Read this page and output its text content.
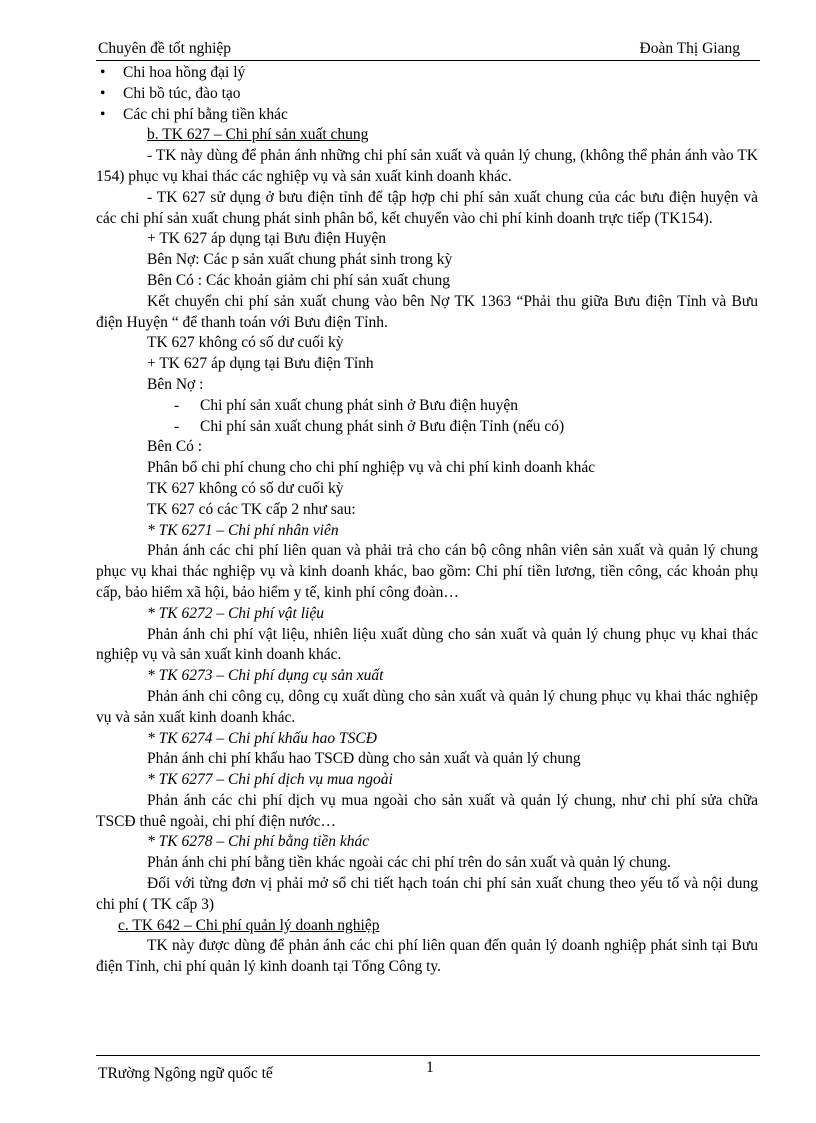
Chuyên đề tốt nghiệp	Đoàn Thị Giang

• Chi hoa hồng đại lý

• Chi bồ túc, đào tạo

• Các chi phí bằng tiền khác

b. TK 627 – Chi phí sản xuất chung

- TK này dùng để phản ánh những chi phí sản xuất và quản lý chung, (không thể phản ánh vào TK 154) phục vụ khai thác các nghiệp vụ và sản xuất kinh doanh khác.

- TK 627 sử dụng ở bưu điện tỉnh để tập hợp chi phí sản xuất chung của các bưu điện huyện và các chi phí sản xuất chung phát sinh phân bổ, kết chuyển vào chi phí kinh doanh trực tiếp (TK154).

+ TK 627 áp dụng tại Bưu điện Huyện

Bên Nợ: Các p sản xuất chung phát sinh trong kỳ

Bên Có : Các khoản giảm chi phí sản xuất chung

Kết chuyển chi phí sản xuất chung vào bên Nợ TK 1363 “Phải thu giữa Bưu điện Tỉnh và Bưu điện Huyện “ để thanh toán với Bưu điện Tỉnh.

TK 627 không có số dư cuối kỳ

+ TK 627 áp dụng tại Bưu điện Tỉnh

Bên Nợ :

- Chi phí sản xuất chung phát sinh ở Bưu điện huyện

- Chi phí sản xuất chung phát sinh ở Bưu điện Tỉnh (nếu có)

Bên Có :

Phân bổ chi phí chung cho chi phí nghiệp vụ và chi phí kinh doanh khác

TK 627 không có số dư cuối kỳ

TK 627 có các TK cấp 2 như sau:

* TK 6271 – Chi phí nhân viên

Phản ánh các chi phí liên quan và phải trả cho cán bộ công nhân viên sản xuất và quản lý chung phục vụ khai thác nghiệp vụ và kinh doanh khác, bao gồm: Chi phí tiền lương, tiền công, các khoản phụ cấp, bảo hiểm xã hội, bảo hiểm y tế, kinh phí công đoàn…

* TK 6272 – Chi phí vật liệu

Phản ánh chi phí vật liệu, nhiên liệu xuất dùng cho sản xuất và quản lý chung phục vụ khai thác nghiệp vụ và sản xuất kinh doanh khác.

* TK 6273 – Chi phí dụng cụ sản xuất

Phản ánh chi công cụ, dông cụ xuất dùng cho sản xuất và quản lý chung phục vụ khai thác nghiệp vụ và sản xuất kinh doanh khác.

* TK 6274 – Chi phí khấu hao TSCĐ

Phản ánh chi phí khấu hao TSCĐ dùng cho sản xuất và quản lý chung

* TK 6277 – Chi phí dịch vụ mua ngoài

Phản ánh các chi phí dịch vụ mua ngoài cho sản xuất và quản lý chung, như chi phí sửa chữa TSCĐ thuê ngoài, chi phí điện nước…

* TK 6278 – Chi phí bằng tiền khác

Phản ánh chi phí bằng tiền khác ngoài các chi phí trên do sản xuất và quản lý chung.

Đối với từng đơn vị phải mở sổ chi tiết hạch toán chi phí sản xuất chung theo yếu tố và nội dung chi phí ( TK cấp 3)

c. TK 642 – Chi phí quản lý doanh nghiệp

TK này được dùng để phản ánh các chi phí liên quan đến quản lý doanh nghiệp phát sinh tại Bưu điện Tỉnh, chi phí quản lý kinh doanh tại Tổng Công ty.

1
TRường Ngông ngữ quốc tế
